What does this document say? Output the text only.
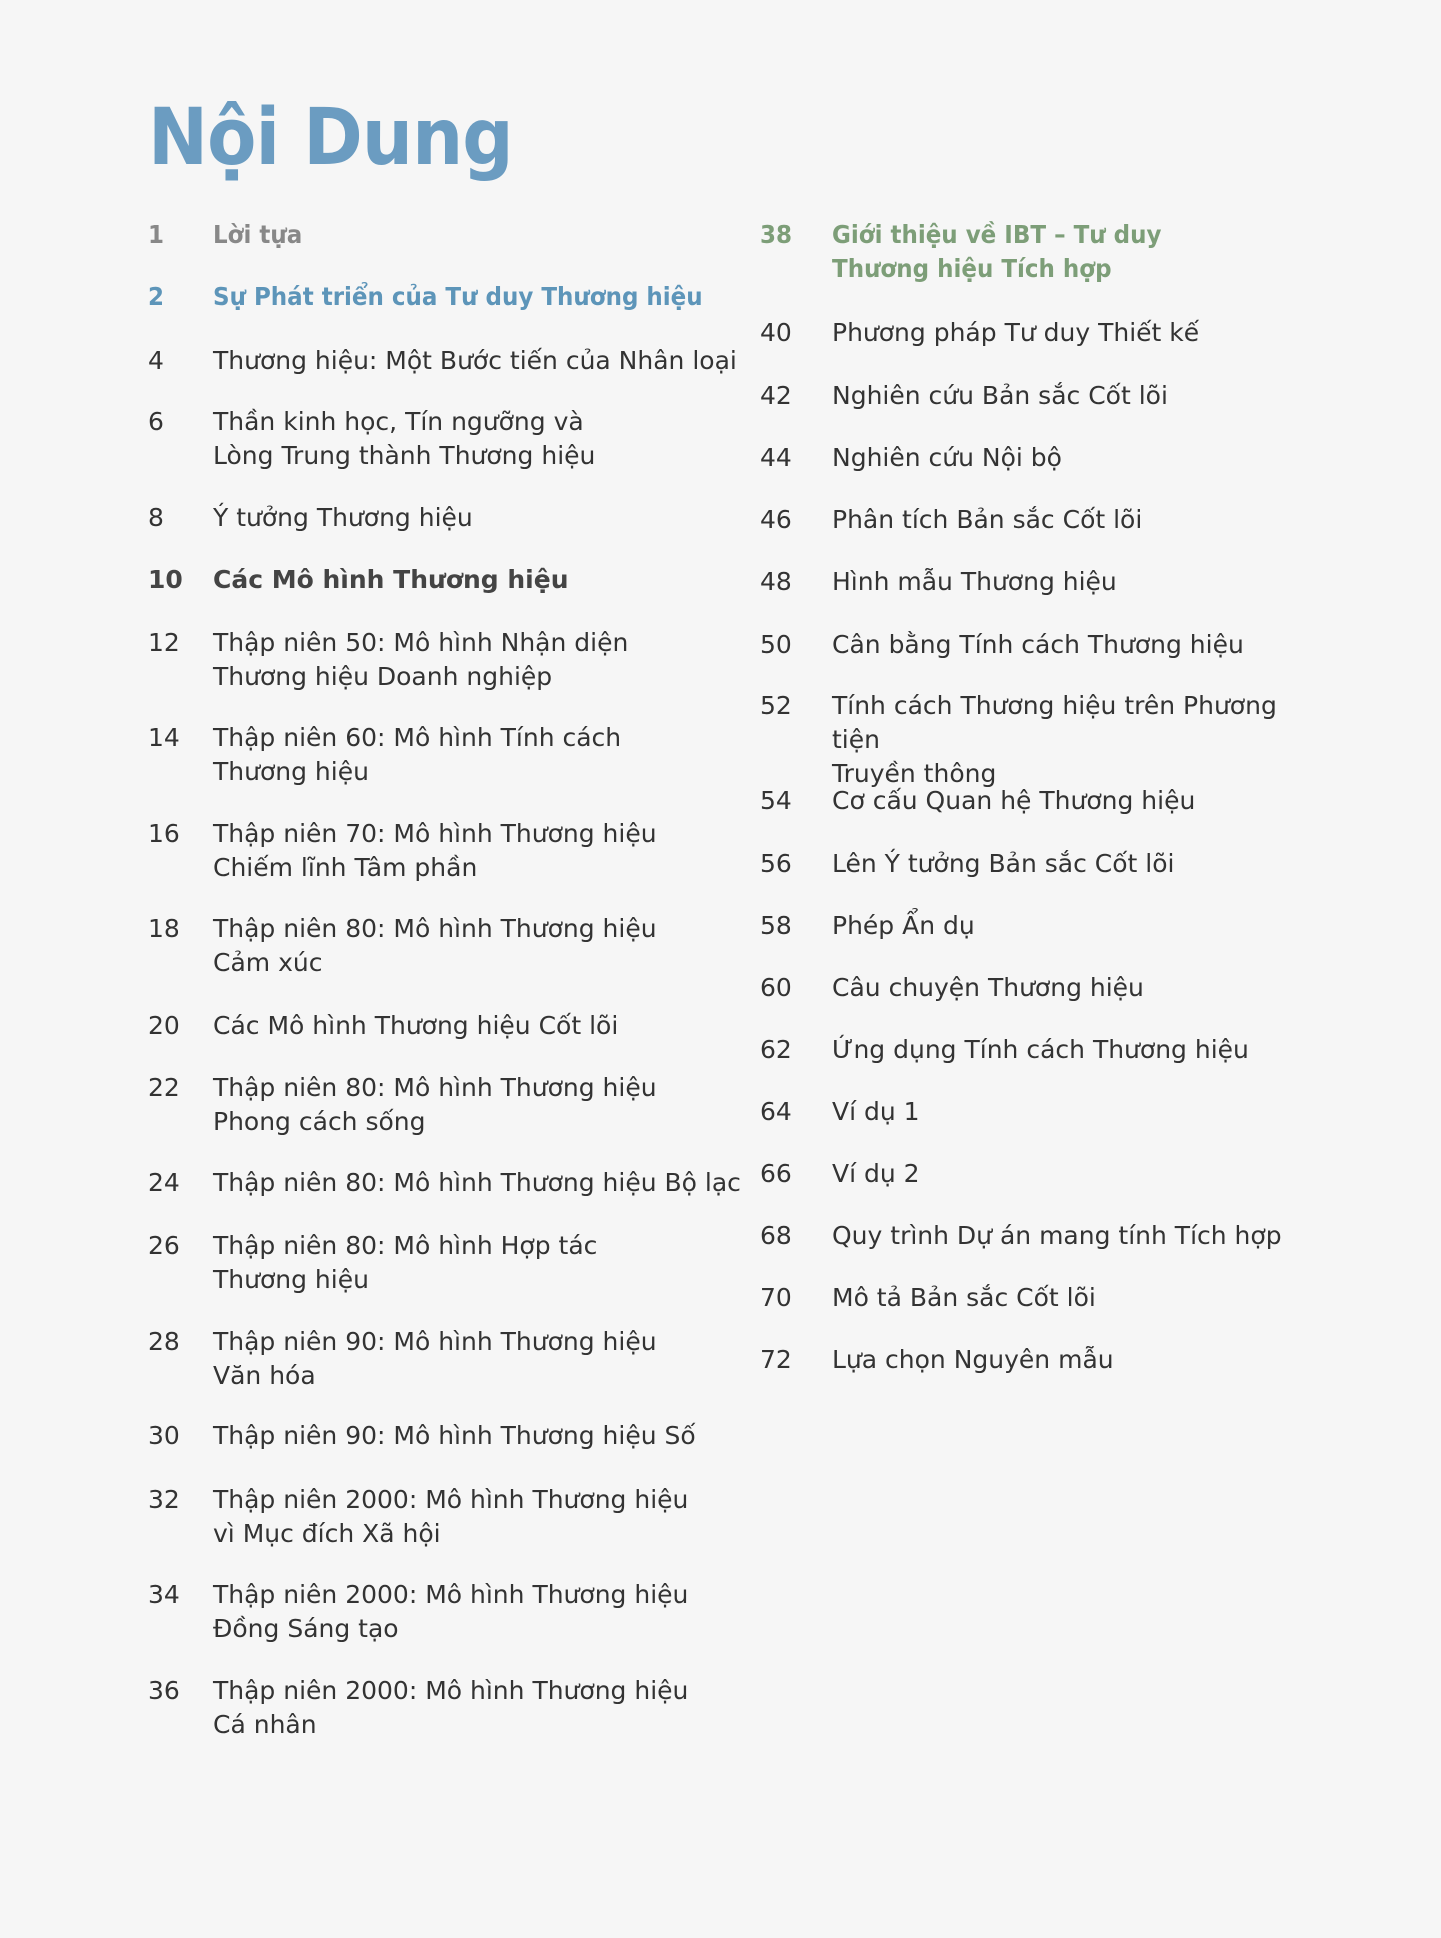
Nội Dung
1 Lời tựa
2 Sự Phát triển của Tư duy Thương hiệu
4 Thương hiệu: Một Bước tiến của Nhân loại
6 Thần kinh học, Tín ngưỡng và
Lòng Trung thành Thương hiệu
8 Ý tưởng Thương hiệu
10 Các Mô hình Thương hiệu
12 Thập niên 50: Mô hình Nhận diện
Thương hiệu Doanh nghiệp
14 Thập niên 60: Mô hình Tính cách
Thương hiệu
16 Thập niên 70: Mô hình Thương hiệu
Chiếm lĩnh Tâm phần
18 Thập niên 80: Mô hình Thương hiệu
Cảm xúc
20 Các Mô hình Thương hiệu Cốt lõi
22 Thập niên 80: Mô hình Thương hiệu
Phong cách sống
24 Thập niên 80: Mô hình Thương hiệu Bộ lạc
26 Thập niên 80: Mô hình Hợp tác
Thương hiệu
28 Thập niên 90: Mô hình Thương hiệu
Văn hóa
30 Thập niên 90: Mô hình Thương hiệu Số
32 Thập niên 2000: Mô hình Thương hiệu
vì Mục đích Xã hội
34 Thập niên 2000: Mô hình Thương hiệu
Đồng Sáng tạo
36 Thập niên 2000: Mô hình Thương hiệu
Cá nhân
38 Giới thiệu về IBT – Tư duy
Thương hiệu Tích hợp
40 Phương pháp Tư duy Thiết kế
42 Nghiên cứu Bản sắc Cốt lõi
44 Nghiên cứu Nội bộ
46 Phân tích Bản sắc Cốt lõi
48 Hình mẫu Thương hiệu
50 Cân bằng Tính cách Thương hiệu
52 Tính cách Thương hiệu trên Phương tiện
Truyền thông
54 Cơ cấu Quan hệ Thương hiệu
56 Lên Ý tưởng Bản sắc Cốt lõi
58 Phép Ẩn dụ
60 Câu chuyện Thương hiệu
62 Ứng dụng Tính cách Thương hiệu
64 Ví dụ 1
66 Ví dụ 2
68 Quy trình Dự án mang tính Tích hợp
70 Mô tả Bản sắc Cốt lõi
72 Lựa chọn Nguyên mẫu
